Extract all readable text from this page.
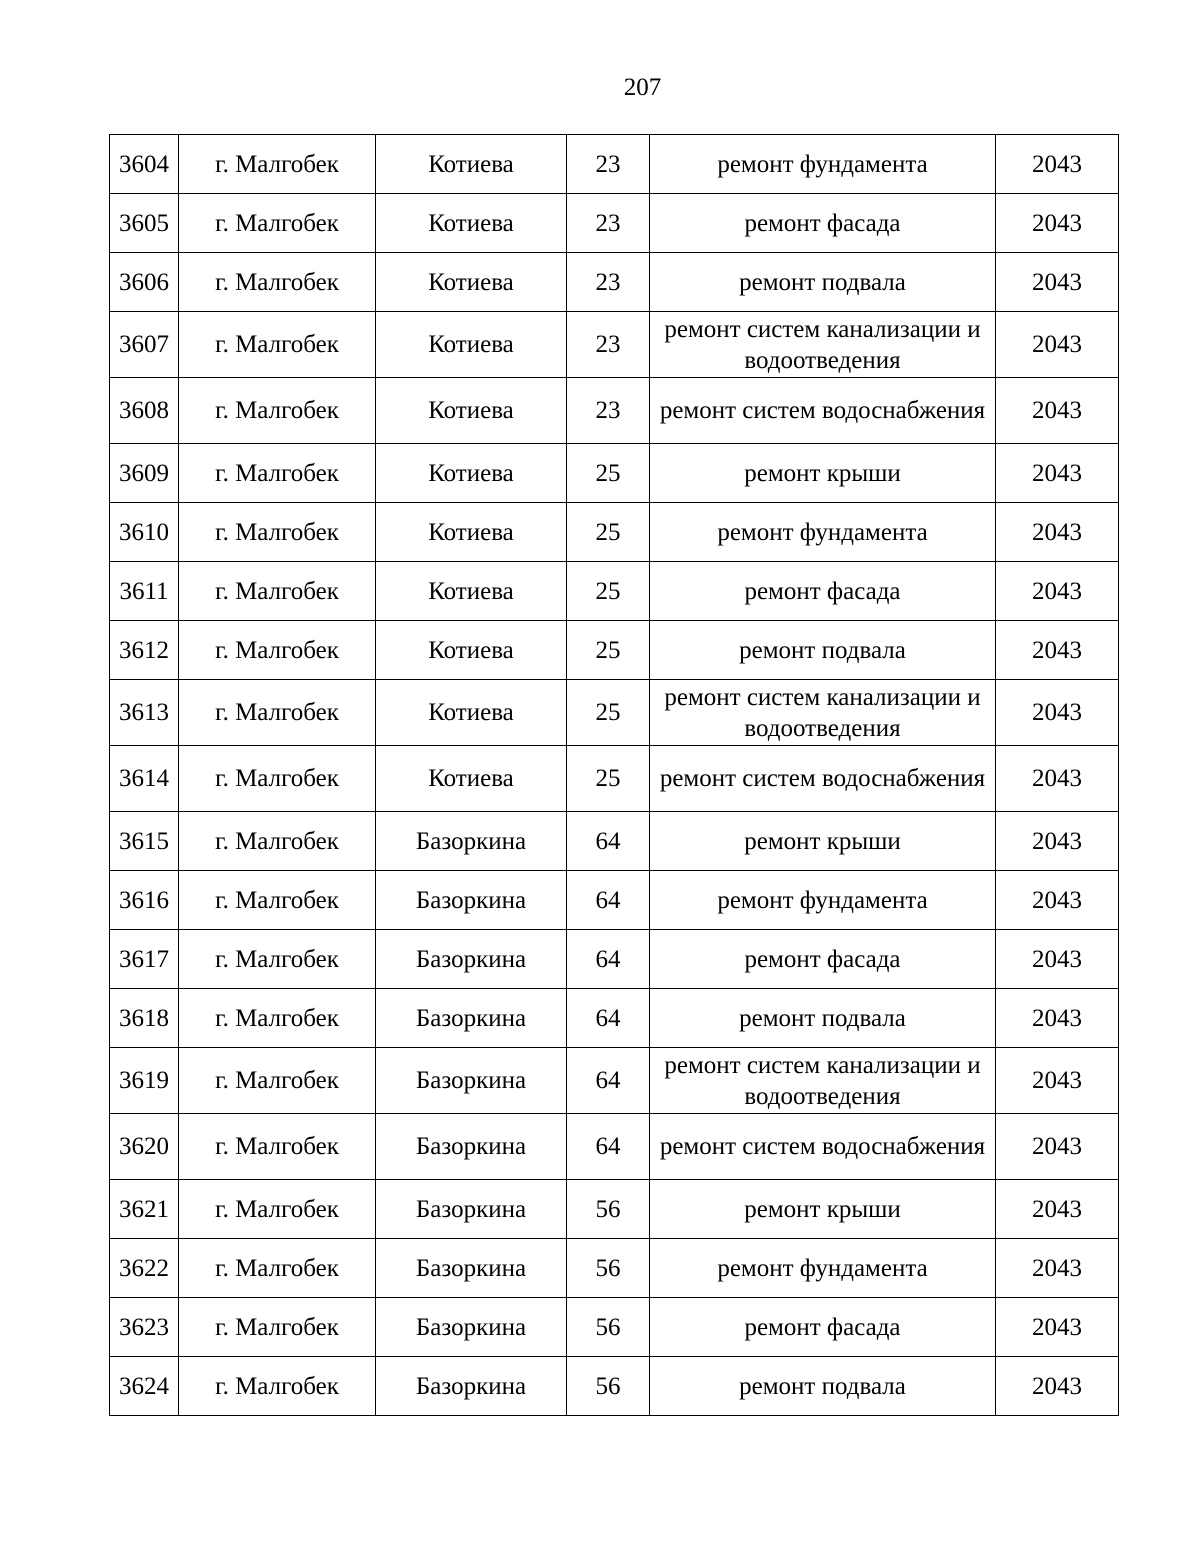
207
3604	г. Малгобек	Котиева	23	ремонт фундамента	2043
3605	г. Малгобек	Котиева	23	ремонт фасада	2043
3606	г. Малгобек	Котиева	23	ремонт подвала	2043
3607	г. Малгобек	Котиева	23	ремонт систем канализации и водоотведения	2043
3608	г. Малгобек	Котиева	23	ремонт систем водоснабжения	2043
3609	г. Малгобек	Котиева	25	ремонт крыши	2043
3610	г. Малгобек	Котиева	25	ремонт фундамента	2043
3611	г. Малгобек	Котиева	25	ремонт фасада	2043
3612	г. Малгобек	Котиева	25	ремонт подвала	2043
3613	г. Малгобек	Котиева	25	ремонт систем канализации и водоотведения	2043
3614	г. Малгобек	Котиева	25	ремонт систем водоснабжения	2043
3615	г. Малгобек	Базоркина	64	ремонт крыши	2043
3616	г. Малгобек	Базоркина	64	ремонт фундамента	2043
3617	г. Малгобек	Базоркина	64	ремонт фасада	2043
3618	г. Малгобек	Базоркина	64	ремонт подвала	2043
3619	г. Малгобек	Базоркина	64	ремонт систем канализации и водоотведения	2043
3620	г. Малгобек	Базоркина	64	ремонт систем водоснабжения	2043
3621	г. Малгобек	Базоркина	56	ремонт крыши	2043
3622	г. Малгобек	Базоркина	56	ремонт фундамента	2043
3623	г. Малгобек	Базоркина	56	ремонт фасада	2043
3624	г. Малгобек	Базоркина	56	ремонт подвала	2043
